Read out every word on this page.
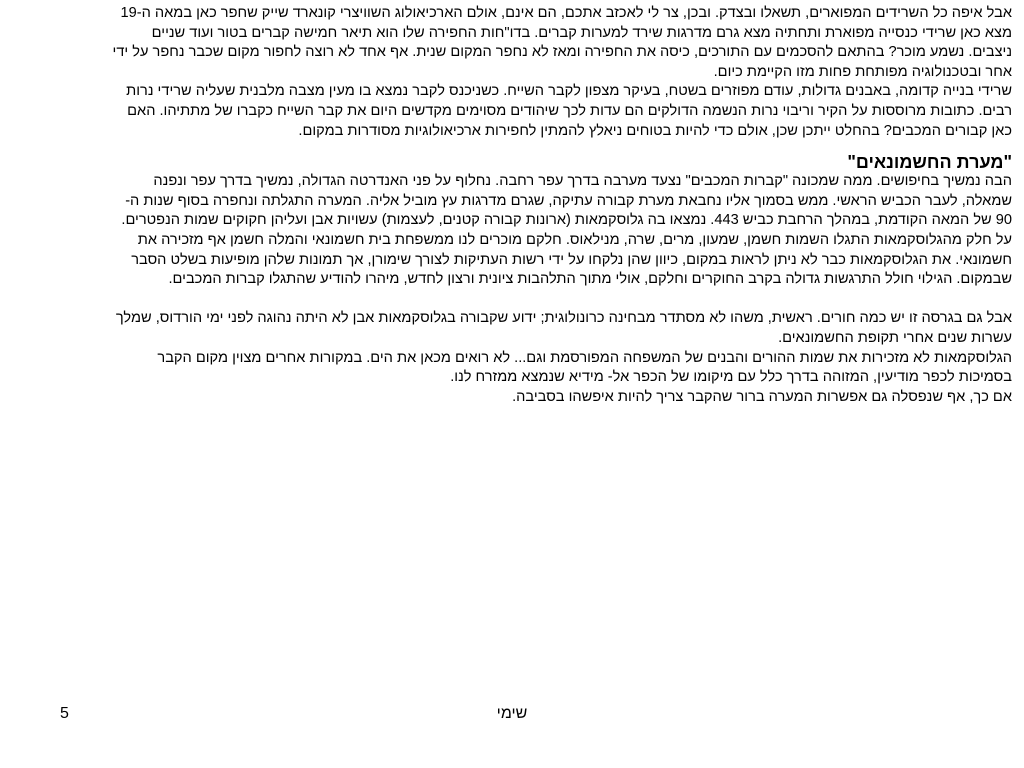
אבל איפה כל השרידים המפוארים, תשאלו ובצדק. ובכן, צר לי לאכזב אתכם, הם אינם, אולם הארכיאולוג השוויצרי קונארד שייק שחפר כאן במאה ה-19

מצא כאן שרידי כנסייה מפוארת ותחתיה מצא גרם מדרגות שירד למערות קברים. בדו"חות החפירה שלו הוא תיאר חמישה קברים בטור ועוד שניים

ניצבים. נשמע מוכר? בהתאם להסכמים עם התורכים, כיסה את החפירה ומאז לא נחפר המקום שנית. אף אחד לא רוצה לחפור מקום שכבר נחפר על ידי

אחר ובטכנולוגיה מפותחת פחות מזו הקיימת כיום.

שרידי בנייה קדומה, באבנים גדולות, עודם מפוזרים בשטח, בעיקר מצפון לקבר השייח. כשניכנס לקבר נמצא בו מעין מצבה מלבנית שעליה שרידי נרות

רבים. כתובות מרוססות על הקיר וריבוי נרות הנשמה הדולקים הם עדות לכך שיהודים מסוימים מקדשים היום את קבר השייח כקברו של מתתיהו. האם

כאן קבורים המכבים? בהחלט ייתכן שכן, אולם כדי להיות בטוחים ניאלץ להמתין לחפירות ארכיאולוגיות מסודרות במקום.

"מערת החשמונאים"

הבה נמשיך בחיפושים. ממה שמכונה "קברות המכבים" נצעד מערבה בדרך עפר רחבה. נחלוף על פני האנדרטה הגדולה, נמשיך בדרך עפר ונפנה

שמאלה, לעבר הכביש הראשי. ממש בסמוך אליו נחבאת מערת קבורה עתיקה, שגרם מדרגות עץ מוביל אליה. המערה התגלתה ונחפרה בסוף שנות ה-

90 של המאה הקודמת, במהלך הרחבת כביש 443. נמצאו בה גלוסקמאות (ארונות קבורה קטנים, לעצמות) עשויות אבן ועליהן חקוקים שמות הנפטרים.

על חלק מהגלוסקמאות התגלו השמות חשמן, שמעון, מרים, שרה, מנילאוס. חלקם מוכרים לנו ממשפחת בית חשמונאי והמלה חשמן אף מזכירה את

חשמונאי. את הגלוסקמאות כבר לא ניתן לראות במקום, כיוון שהן נלקחו על ידי רשות העתיקות לצורך שימורן, אך תמונות שלהן מופיעות בשלט הסבר

שבמקום. הגילוי חולל התרגשות גדולה בקרב החוקרים וחלקם, אולי מתוך התלהבות ציונית ורצון לחדש, מיהרו להודיע שהתגלו קברות המכבים.

אבל גם בגרסה זו יש כמה חורים. ראשית, משהו לא מסתדר מבחינה כרונולוגית; ידוע שקבורה בגלוסקמאות אבן לא היתה נהוגה לפני ימי הורדוס, שמלך

עשרות שנים אחרי תקופת החשמונאים.

הגלוסקמאות לא מזכירות את שמות ההורים והבנים של המשפחה המפורסמת וגם... לא רואים מכאן את הים. במקורות אחרים מצוין מקום הקבר

בסמיכות לכפר מודיעין, המזוהה בדרך כלל עם מיקומו של הכפר אל- מידיא שנמצא ממזרח לנו.

אם כך, אף שנפסלה גם אפשרות המערה ברור שהקבר צריך להיות איפשהו בסביבה.

שימי
5
